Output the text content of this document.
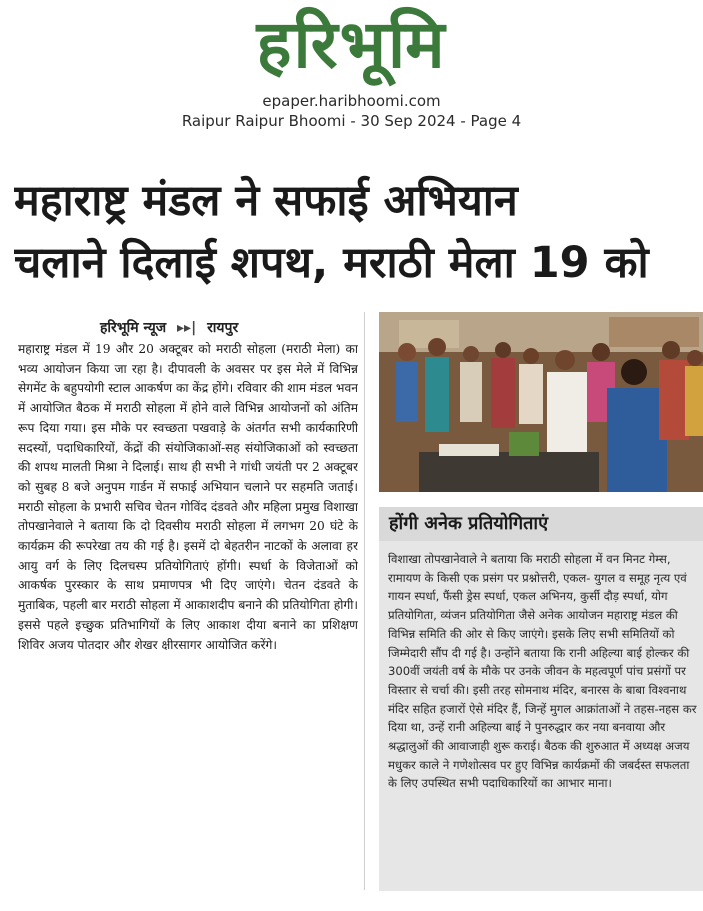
हरिभूमि
epaper.haribhoomi.com
Raipur Raipur Bhoomi - 30 Sep 2024 - Page 4
महाराष्ट्र मंडल ने सफाई अभियान
चलाने दिलाई शपथ, मराठी मेला 19 को
हरिभूमि न्यूज ▸▸| रायपुर
महाराष्ट्र मंडल में 19 और 20 अक्टूबर को मराठी सोहला (मराठी मेला) का भव्य आयोजन किया जा रहा है। दीपावली के अवसर पर इस मेले में विभिन्न सेगमेंट के बहुपयोगी स्टाल आकर्षण का केंद्र होंगे। रविवार की शाम मंडल भवन में आयोजित बैठक में मराठी सोहला में होने वाले विभिन्न आयोजनों को अंतिम रूप दिया गया। इस मौके पर स्वच्छता पखवाड़े के अंतर्गत सभी कार्यकारिणी सदस्यों, पदाधिकारियों, केंद्रों की संयोजिकाओं-सह संयोजिकाओं को स्वच्छता की शपथ मालती मिश्रा ने दिलाई। साथ ही सभी ने गांधी जयंती पर 2 अक्टूबर को सुबह 8 बजे अनुपम गार्डन में सफाई अभियान चलाने पर सहमति जताई। मराठी सोहला के प्रभारी सचिव चेतन गोविंद दंडवते और महिला प्रमुख विशाखा तोपखानेवाले ने बताया कि दो दिवसीय मराठी सोहला में लगभग 20 घंटे के कार्यक्रम की रूपरेखा तय की गई है। इसमें दो बेहतरीन नाटकों के अलावा हर आयु वर्ग के लिए दिलचस्प प्रतियोगिताएं होंगी। स्पर्धा के विजेताओं को आकर्षक पुरस्कार के साथ प्रमाणपत्र भी दिए जाएंगे। चेतन दंडवते के मुताबिक, पहली बार मराठी सोहला में आकाशदीप बनाने की प्रतियोगिता होगी। इससे पहले इच्छुक प्रतिभागियों के लिए आकाश दीया बनाने का प्रशिक्षण शिविर अजय पोतदार और शेखर क्षीरसागर आयोजित करेंगे।
होंगी अनेक प्रतियोगिताएं

विशाखा तोपखानेवाले ने बताया कि मराठी सोहला में वन मिनट गेम्स, रामायण के किसी एक प्रसंग पर प्रश्नोत्तरी, एकल- युगल व समूह नृत्य एवं गायन स्पर्धा, फैंसी ड्रेस स्पर्धा, एकल अभिनय, कुर्सी दौड़ स्पर्धा, योग प्रतियोगिता, व्यंजन प्रतियोगिता जैसे अनेक आयोजन महाराष्ट्र मंडल की विभिन्न समिति की ओर से किए जाएंगे। इसके लिए सभी समितियों को जिम्मेदारी सौंप दी गई है। उन्होंने बताया कि रानी अहिल्या बाई होल्कर की 300वीं जयंती वर्ष के मौके पर उनके जीवन के महत्वपूर्ण पांच प्रसंगों पर विस्तार से चर्चा की। इसी तरह सोमनाथ मंदिर, बनारस के बाबा विश्वनाथ मंदिर सहित हजारों ऐसे मंदिर हैं, जिन्हें मुगल आक्रांताओं ने तहस-नहस कर दिया था, उन्हें रानी अहिल्या बाई ने पुनरुद्धार कर नया बनवाया और श्रद्धालुओं की आवाजाही शुरू कराई। बैठक की शुरुआत में अध्यक्ष अजय मधुकर काले ने गणेशोत्सव पर हुए विभिन्न कार्यक्रमों की जबर्दस्त सफलता के लिए उपस्थित सभी पदाधिकारियों का आभार माना।
